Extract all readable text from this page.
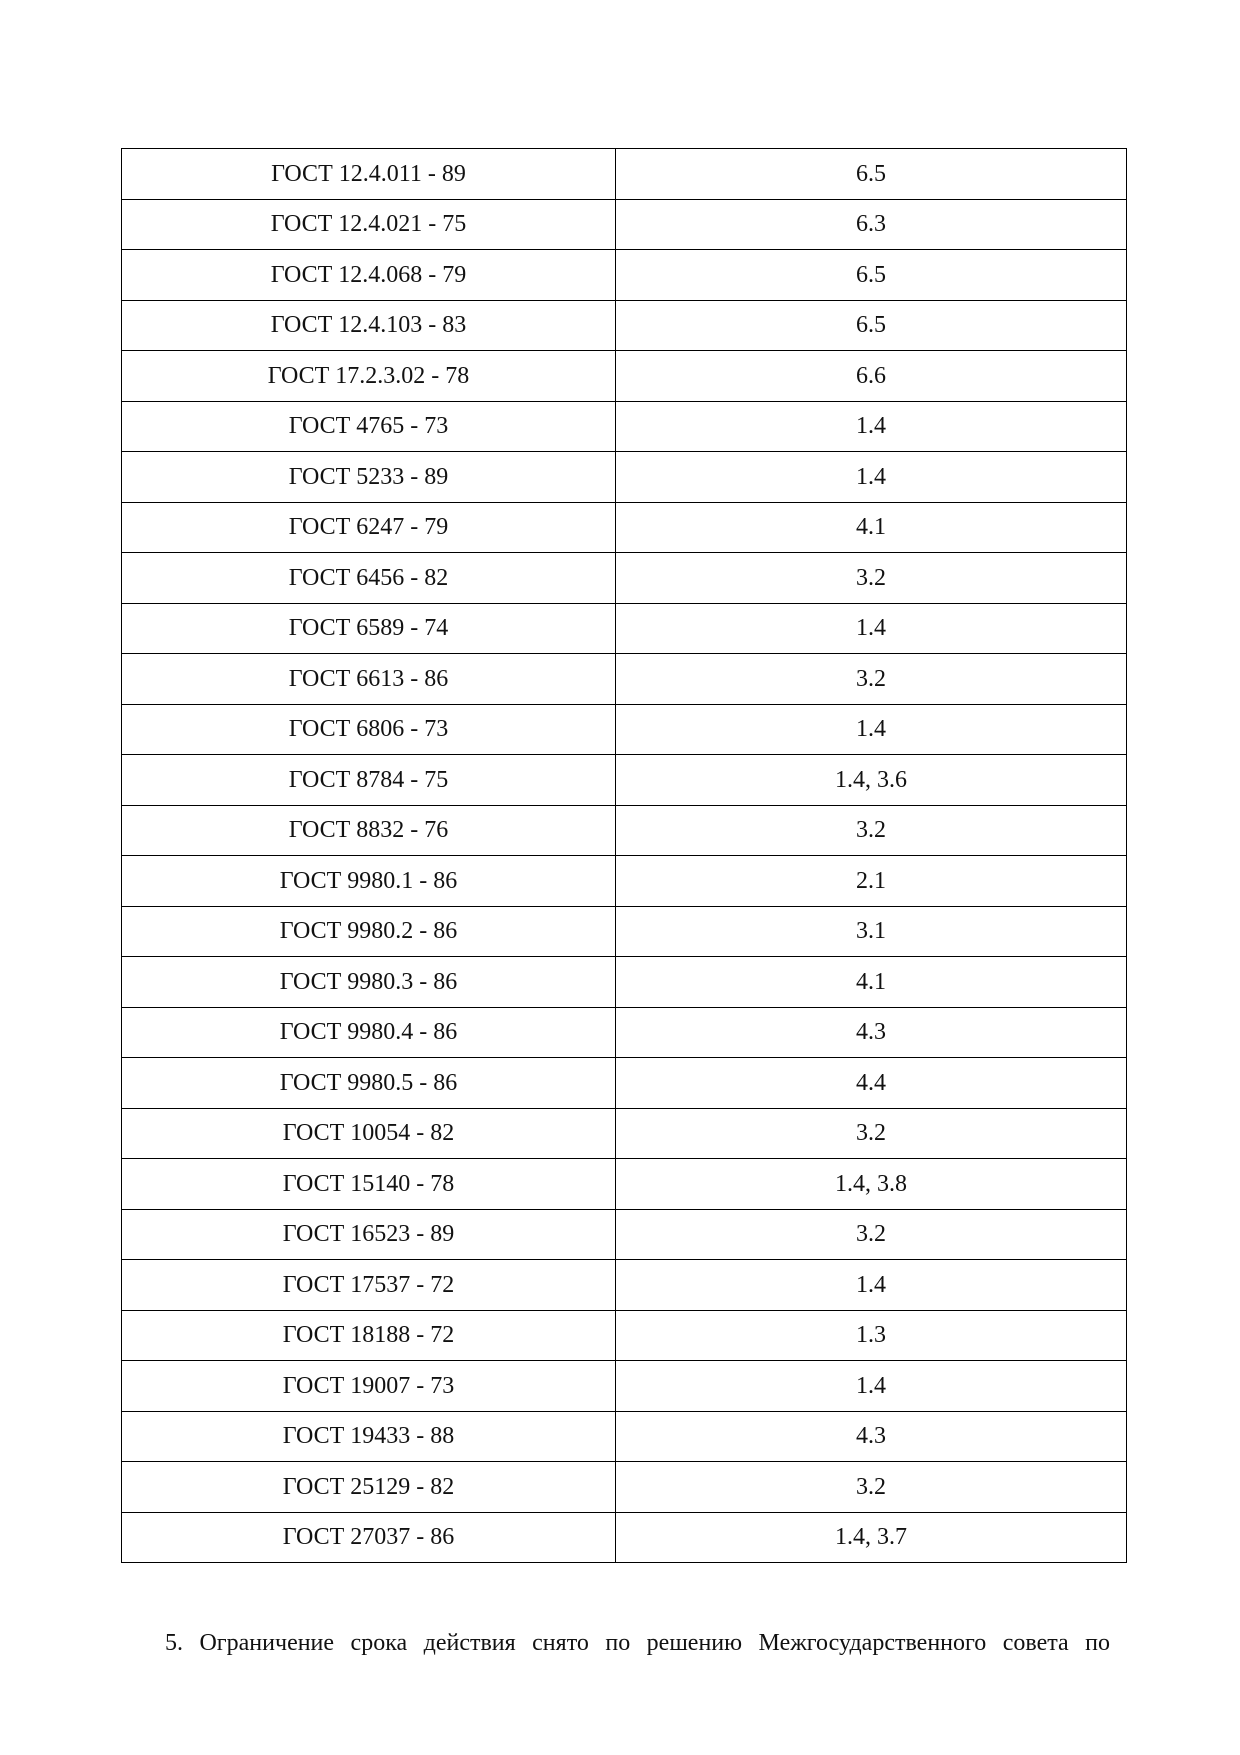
ГОСТ 12.4.011 - 89	6.5
ГОСТ 12.4.021 - 75	6.3
ГОСТ 12.4.068 - 79	6.5
ГОСТ 12.4.103 - 83	6.5
ГОСТ 17.2.3.02 - 78	6.6
ГОСТ 4765 - 73	1.4
ГОСТ 5233 - 89	1.4
ГОСТ 6247 - 79	4.1
ГОСТ 6456 - 82	3.2
ГОСТ 6589 - 74	1.4
ГОСТ 6613 - 86	3.2
ГОСТ 6806 - 73	1.4
ГОСТ 8784 - 75	1.4, 3.6
ГОСТ 8832 - 76	3.2
ГОСТ 9980.1 - 86	2.1
ГОСТ 9980.2 - 86	3.1
ГОСТ 9980.3 - 86	4.1
ГОСТ 9980.4 - 86	4.3
ГОСТ 9980.5 - 86	4.4
ГОСТ 10054 - 82	3.2
ГОСТ 15140 - 78	1.4, 3.8
ГОСТ 16523 - 89	3.2
ГОСТ 17537 - 72	1.4
ГОСТ 18188 - 72	1.3
ГОСТ 19007 - 73	1.4
ГОСТ 19433 - 88	4.3
ГОСТ 25129 - 82	3.2
ГОСТ 27037 - 86	1.4, 3.7

5. Ограничение срока действия снято по решению Межгосударственного совета по
